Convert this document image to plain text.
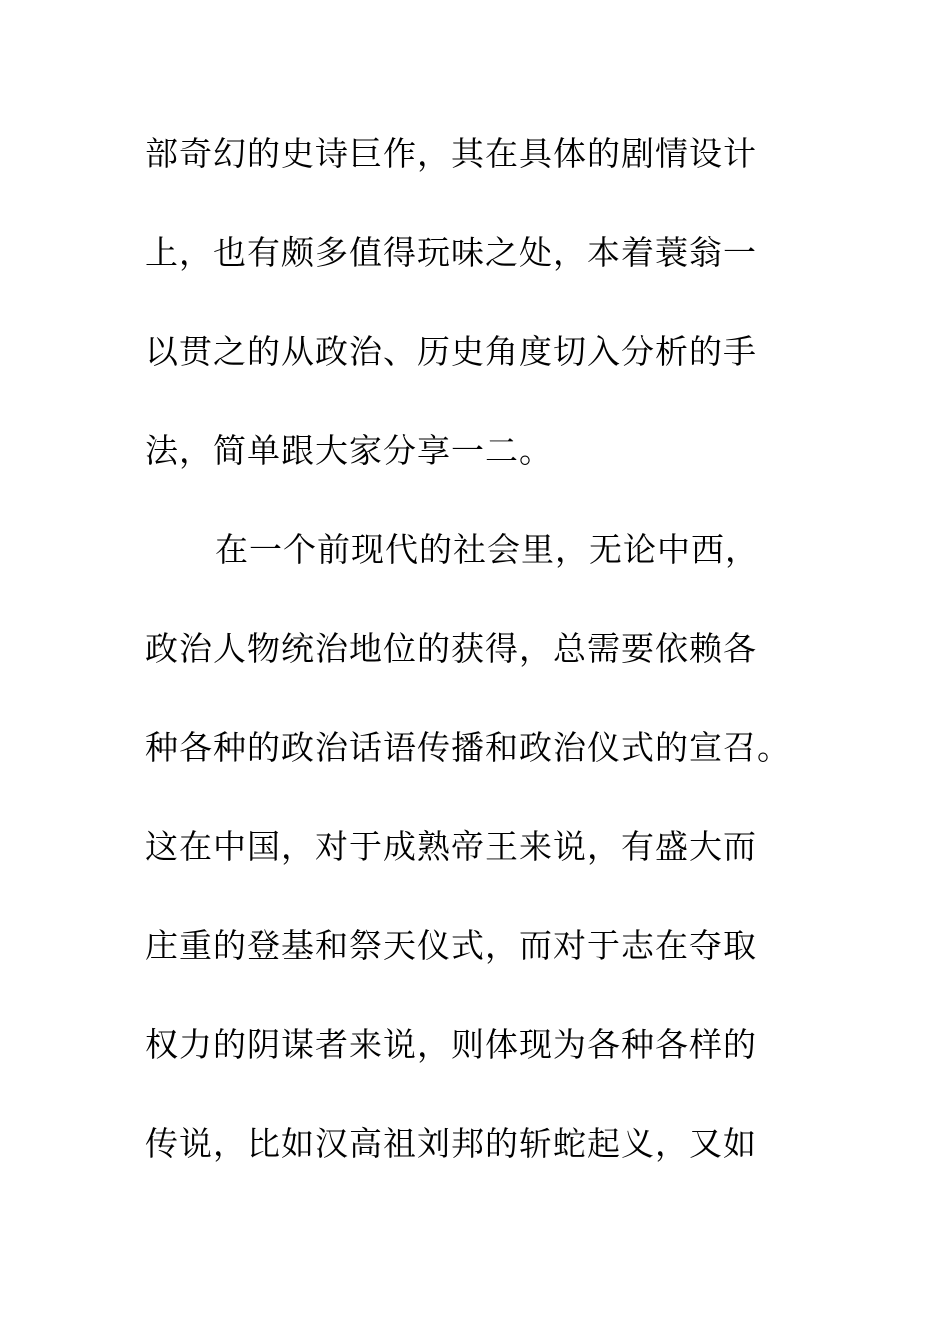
部奇幻的史诗巨作，其在具体的剧情设计
上，也有颇多值得玩味之处，本着蓑翁一
以贯之的从政治、历史角度切入分析的手
法，简单跟大家分享一二。
在一个前现代的社会里，无论中西，
政治人物统治地位的获得，总需要依赖各
种各种的政治话语传播和政治仪式的宣召。
这在中国，对于成熟帝王来说，有盛大而
庄重的登基和祭天仪式，而对于志在夺取
权力的阴谋者来说，则体现为各种各样的
传说，比如汉高祖刘邦的斩蛇起义，又如
